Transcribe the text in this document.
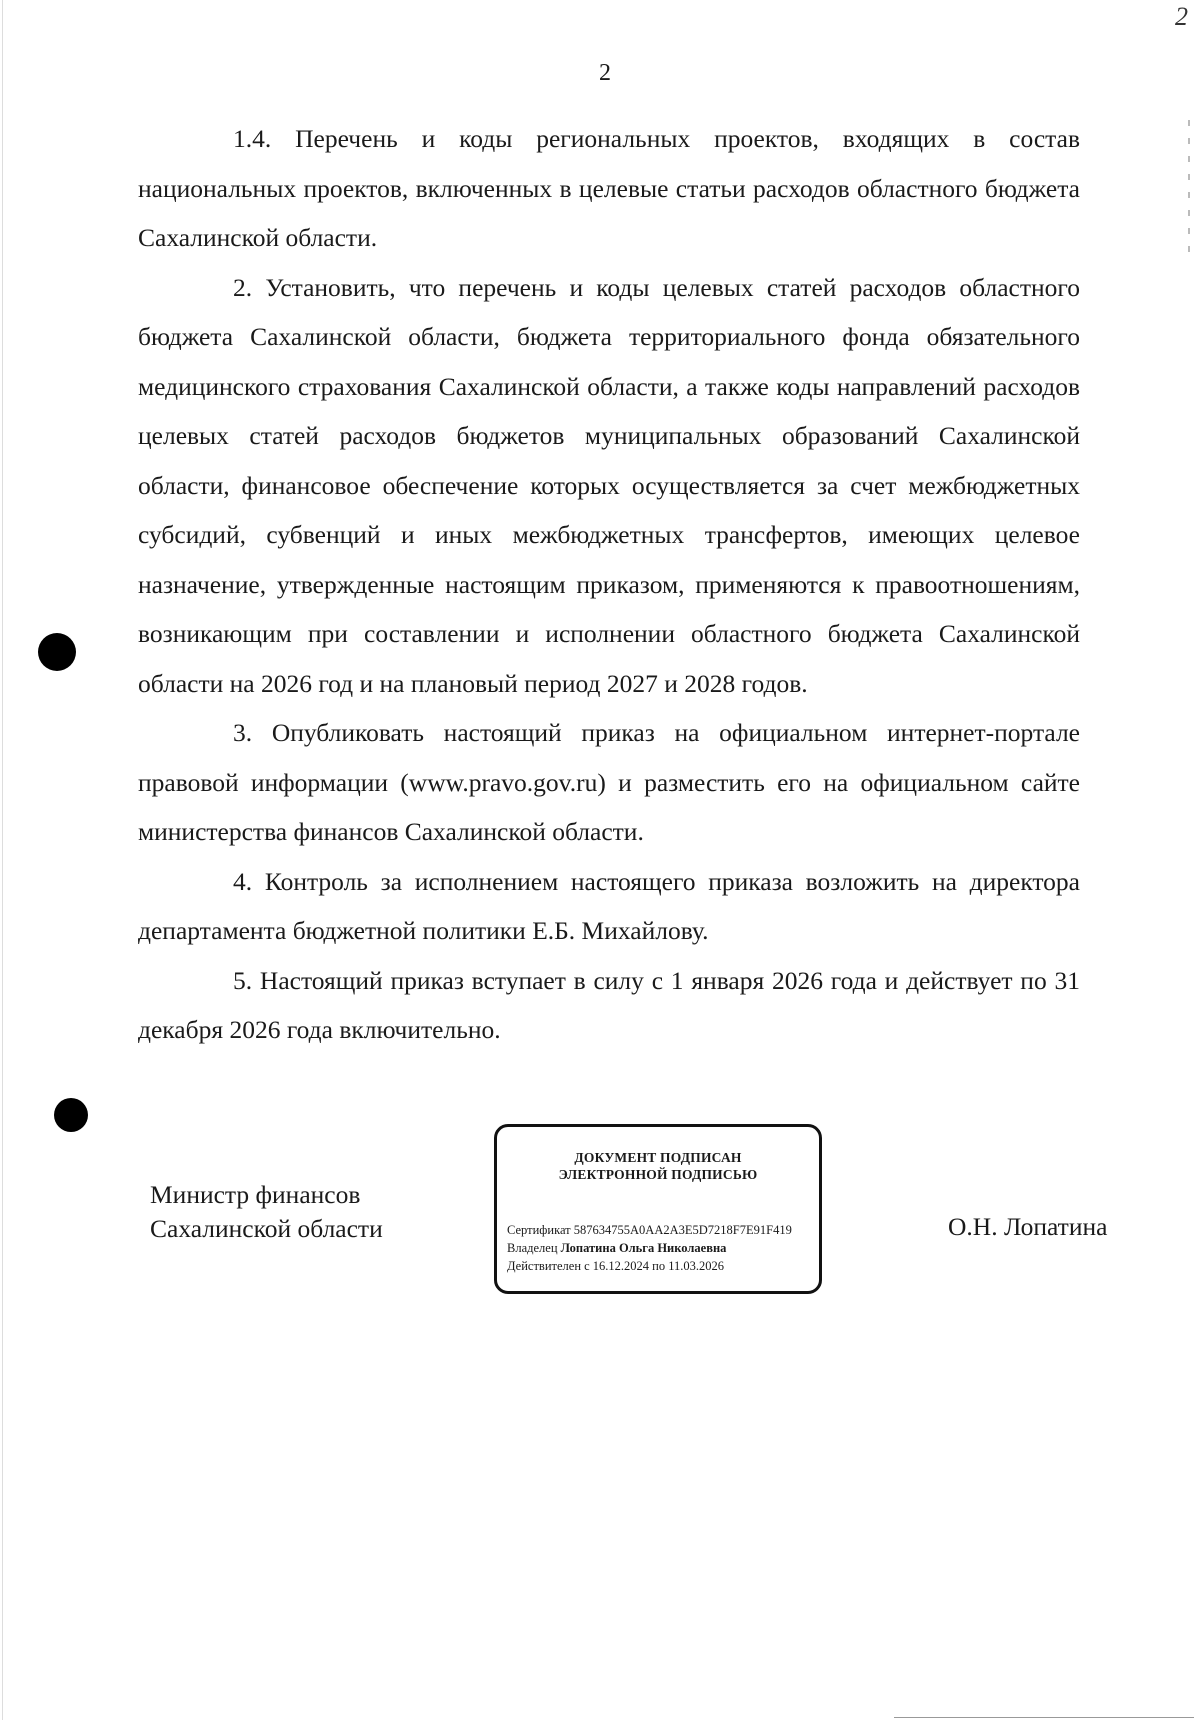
2
2

1.4. Перечень и коды региональных проектов, входящих в состав национальных проектов, включенных в целевые статьи расходов областного бюджета Сахалинской области.

2. Установить, что перечень и коды целевых статей расходов областного бюджета Сахалинской области, бюджета территориального фонда обязательного медицинского страхования Сахалинской области, а также коды направлений расходов целевых статей расходов бюджетов муниципальных образований Сахалинской области, финансовое обеспечение которых осуществляется за счет межбюджетных субсидий, субвенций и иных межбюджетных трансфертов, имеющих целевое назначение, утвержденные настоящим приказом, применяются к правоотношениям, возникающим при составлении и исполнении областного бюджета Сахалинской области на 2026 год и на плановый период 2027 и 2028 годов.

3. Опубликовать настоящий приказ на официальном интернет-портале правовой информации (www.pravo.gov.ru) и разместить его на официальном сайте министерства финансов Сахалинской области.

4. Контроль за исполнением настоящего приказа возложить на директора департамента бюджетной политики Е.Б. Михайлову.

5. Настоящий приказ вступает в силу с 1 января 2026 года и действует по 31 декабря 2026 года включительно.

Министр финансов
Сахалинской области
ДОКУМЕНТ ПОДПИСАН
ЭЛЕКТРОННОЙ ПОДПИСЬЮ
Сертификат 587634755A0AA2A3E5D7218F7E91F419
Владелец Лопатина Ольга Николаевна
Действителен с 16.12.2024 по 11.03.2026
О.Н. Лопатина
